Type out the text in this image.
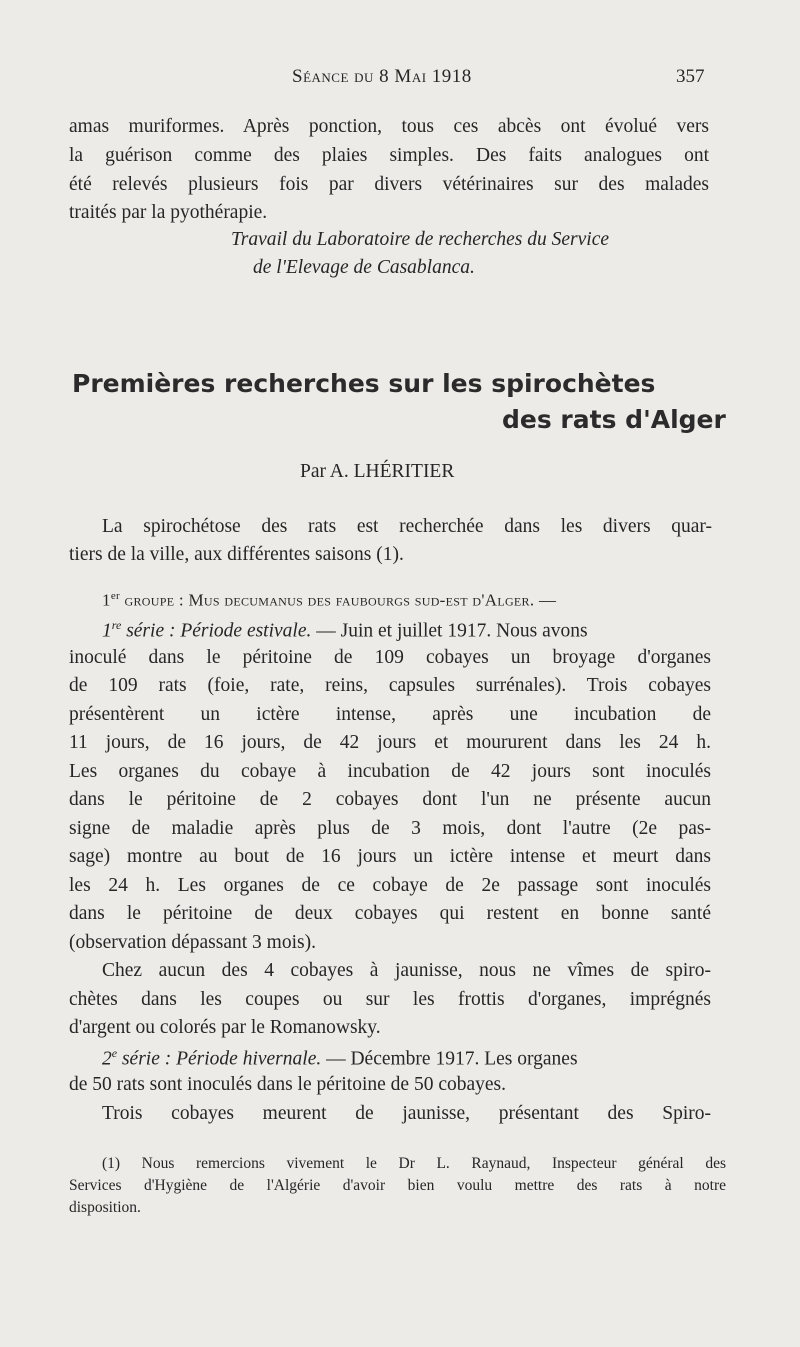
Séance du 8 Mai 1918	357
amas muriformes. Après ponction, tous ces abcès ont évolué vers
la guérison comme des plaies simples. Des faits analogues ont
été relevés plusieurs fois par divers vétérinaires sur des malades
traités par la pyothérapie.
Travail du Laboratoire de recherches du Service
de l'Elevage de Casablanca.
Premières recherches sur les spirochètes
des rats d'Alger
Par A. LHÉRITIER
La spirochétose des rats est recherchée dans les divers quar-
tiers de la ville, aux différentes saisons (1).
1er groupe : Mus decumanus des faubourgs sud-est d'Alger. —
1re série : Période estivale. — Juin et juillet 1917. Nous avons
inoculé dans le péritoine de 109 cobayes un broyage d'organes
de 109 rats (foie, rate, reins, capsules surrénales). Trois cobayes
présentèrent un ictère intense, après une incubation de
11 jours, de 16 jours, de 42 jours et moururent dans les 24 h.
Les organes du cobaye à incubation de 42 jours sont inoculés
dans le péritoine de 2 cobayes dont l'un ne présente aucun
signe de maladie après plus de 3 mois, dont l'autre (2e pas-
sage) montre au bout de 16 jours un ictère intense et meurt dans
les 24 h. Les organes de ce cobaye de 2e passage sont inoculés
dans le péritoine de deux cobayes qui restent en bonne santé
(observation dépassant 3 mois).
Chez aucun des 4 cobayes à jaunisse, nous ne vîmes de spiro-
chètes dans les coupes ou sur les frottis d'organes, imprégnés
d'argent ou colorés par le Romanowsky.
2e série : Période hivernale. — Décembre 1917. Les organes
de 50 rats sont inoculés dans le péritoine de 50 cobayes.
Trois cobayes meurent de jaunisse, présentant des Spiro-
(1) Nous remercions vivement le Dr L. Raynaud, Inspecteur général des
Services d'Hygiène de l'Algérie d'avoir bien voulu mettre des rats à notre
disposition.
